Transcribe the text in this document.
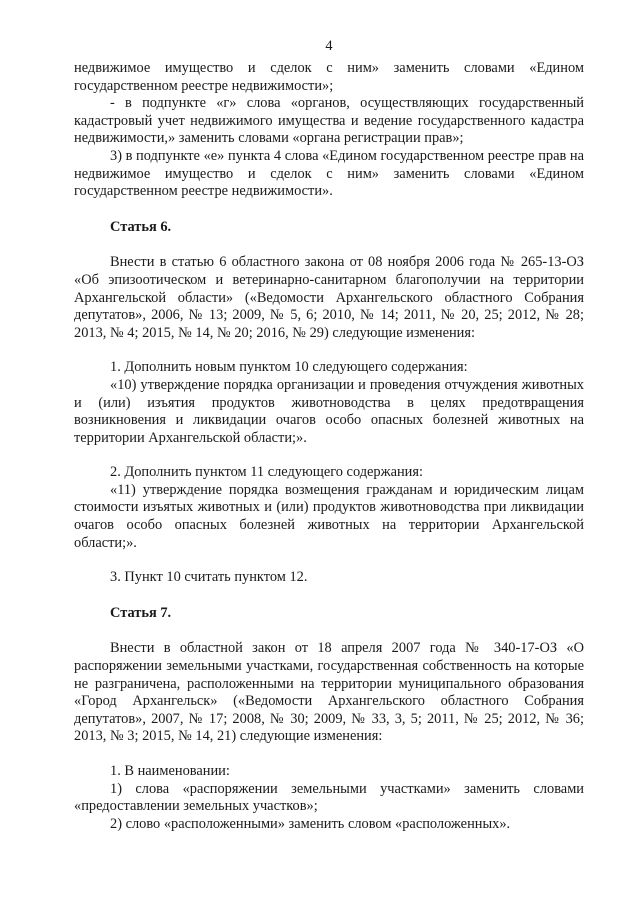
4

недвижимое имущество и сделок с ним» заменить словами «Едином государственном реестре недвижимости»;

- в подпункте «г» слова «органов, осуществляющих государственный кадастровый учет недвижимого имущества и ведение государственного кадастра недвижимости,» заменить словами «органа регистрации прав»;

3) в подпункте «е» пункта 4 слова «Едином государственном реестре прав на недвижимое имущество и сделок с ним» заменить словами «Едином государственном реестре недвижимости».

Статья 6.

Внести в статью 6 областного закона от 08 ноября 2006 года № 265-13-ОЗ «Об эпизоотическом и ветеринарно-санитарном благополучии на территории Архангельской области» («Ведомости Архангельского областного Собрания депутатов», 2006, № 13; 2009, № 5, 6; 2010, № 14; 2011, № 20, 25; 2012, № 28; 2013, № 4; 2015, № 14, № 20; 2016, № 29) следующие изменения:

1. Дополнить новым пунктом 10 следующего содержания:

«10) утверждение порядка организации и проведения отчуждения животных и (или) изъятия продуктов животноводства в целях предотвращения возникновения и ликвидации очагов особо опасных болезней животных на территории Архангельской области;».

2. Дополнить пунктом 11 следующего содержания:

«11) утверждение порядка возмещения гражданам и юридическим лицам стоимости изъятых животных и (или) продуктов животноводства при ликвидации очагов особо опасных болезней животных на территории Архангельской области;».

3. Пункт 10 считать пунктом 12.

Статья 7.

Внести в областной закон от 18 апреля 2007 года № 340-17-ОЗ «О распоряжении земельными участками, государственная собственность на которые не разграничена, расположенными на территории муниципального образования «Город Архангельск» («Ведомости Архангельского областного Собрания депутатов», 2007, № 17; 2008, № 30; 2009, № 33, 3, 5; 2011, № 25; 2012, № 36; 2013, № 3; 2015, № 14, 21) следующие изменения:

1. В наименовании:

1) слова «распоряжении земельными участками» заменить словами «предоставлении земельных участков»;

2) слово «расположенными» заменить словом «расположенных».
